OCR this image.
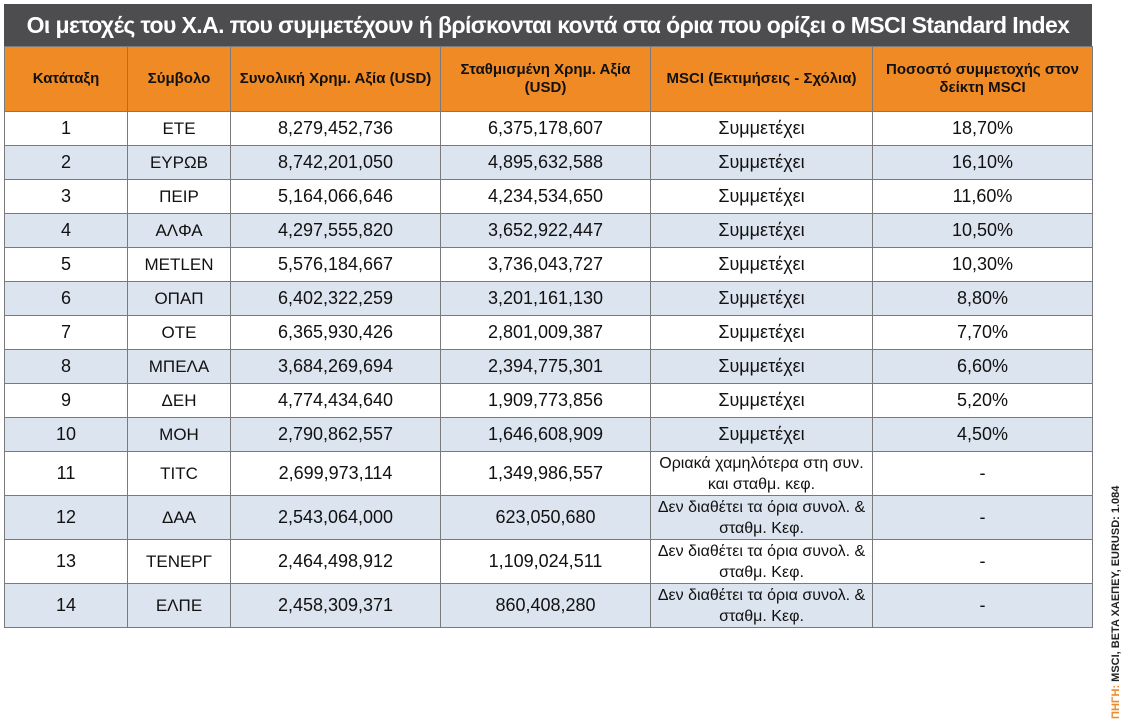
Οι μετοχές του Χ.Α. που συμμετέχουν ή βρίσκονται κοντά στα όρια που ορίζει ο MSCI Standard Index
Κατάταξη	Σύμβολο	Συνολική Χρημ. Αξία (USD)	Σταθμισμένη Χρημ. Αξία (USD)	MSCI (Εκτιμήσεις - Σχόλια)	Ποσοστό συμμετοχής στον δείκτη MSCI
1	ΕΤΕ	8,279,452,736	6,375,178,607	Συμμετέχει	18,70%
2	ΕΥΡΩΒ	8,742,201,050	4,895,632,588	Συμμετέχει	16,10%
3	ΠΕΙΡ	5,164,066,646	4,234,534,650	Συμμετέχει	11,60%
4	ΑΛΦΑ	4,297,555,820	3,652,922,447	Συμμετέχει	10,50%
5	METLEN	5,576,184,667	3,736,043,727	Συμμετέχει	10,30%
6	ΟΠΑΠ	6,402,322,259	3,201,161,130	Συμμετέχει	8,80%
7	ΟΤΕ	6,365,930,426	2,801,009,387	Συμμετέχει	7,70%
8	ΜΠΕΛΑ	3,684,269,694	2,394,775,301	Συμμετέχει	6,60%
9	ΔΕΗ	4,774,434,640	1,909,773,856	Συμμετέχει	5,20%
10	ΜΟΗ	2,790,862,557	1,646,608,909	Συμμετέχει	4,50%
11	TITC	2,699,973,114	1,349,986,557	Οριακά χαμηλότερα στη συν. και σταθμ. κεφ.	-
12	ΔΑΑ	2,543,064,000	623,050,680	Δεν διαθέτει τα όρια συνολ. & σταθμ. Κεφ.	-
13	ΤΕΝΕΡΓ	2,464,498,912	1,109,024,511	Δεν διαθέτει τα όρια συνολ. & σταθμ. Κεφ.	-
14	ΕΛΠΕ	2,458,309,371	860,408,280	Δεν διαθέτει τα όρια συνολ. & σταθμ. Κεφ.	-
ΠΗΓΗ: MSCI, BETA ΧΑΕΠΕΥ, EURUSD: 1.084
